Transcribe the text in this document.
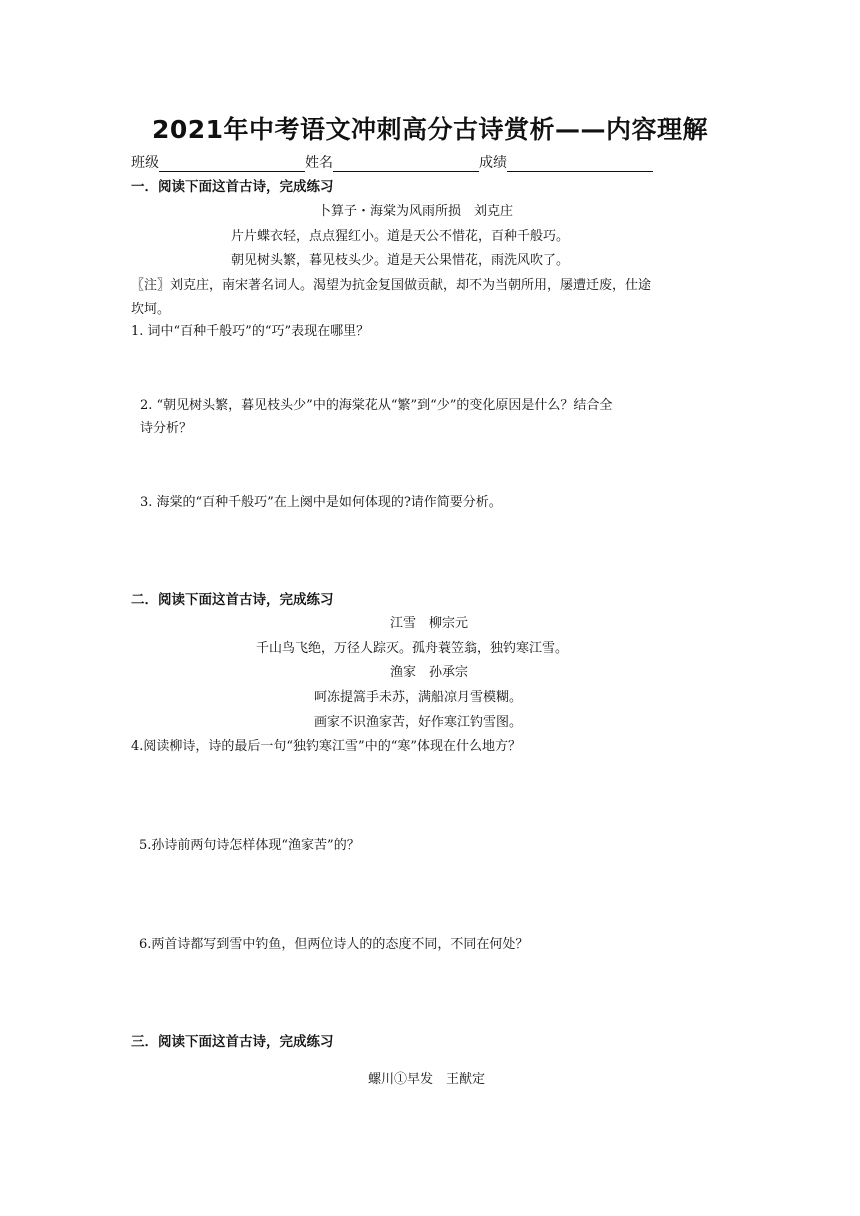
2021年中考语文冲刺高分古诗赏析——内容理解
班级	姓名	成绩
一．阅读下面这首古诗，完成练习
卜算子・海棠为风雨所损　刘克庄
片片蝶衣轻，点点猩红小。道是天公不惜花，百种千般巧。
朝见树头繁，暮见枝头少。道是天公果惜花，雨洗风吹了。
〖注〗刘克庄，南宋著名词人。渴望为抗金复国做贡献，却不为当朝所用，屡遭迁废，仕途
坎坷。
1. 词中“百种千般巧”的“巧”表现在哪里？
2. “朝见树头繁，暮见枝头少”中的海棠花从“繁”到“少”的变化原因是什么？结合全
诗分析？
3. 海棠的“百种千般巧”在上阕中是如何体现的?请作简要分析。
二．阅读下面这首古诗，完成练习
江雪　柳宗元
千山鸟飞绝，万径人踪灭。孤舟蓑笠翁，独钓寒江雪。
渔家　孙承宗
呵冻提篙手未苏，满船凉月雪模糊。
画家不识渔家苦，好作寒江钓雪图。
4.阅读柳诗，诗的最后一句“独钓寒江雪”中的“寒”体现在什么地方？
5.孙诗前两句诗怎样体现“渔家苦”的？
6.两首诗都写到雪中钓鱼，但两位诗人的的态度不同，不同在何处？
三．阅读下面这首古诗，完成练习
螺川①早发　王猷定
